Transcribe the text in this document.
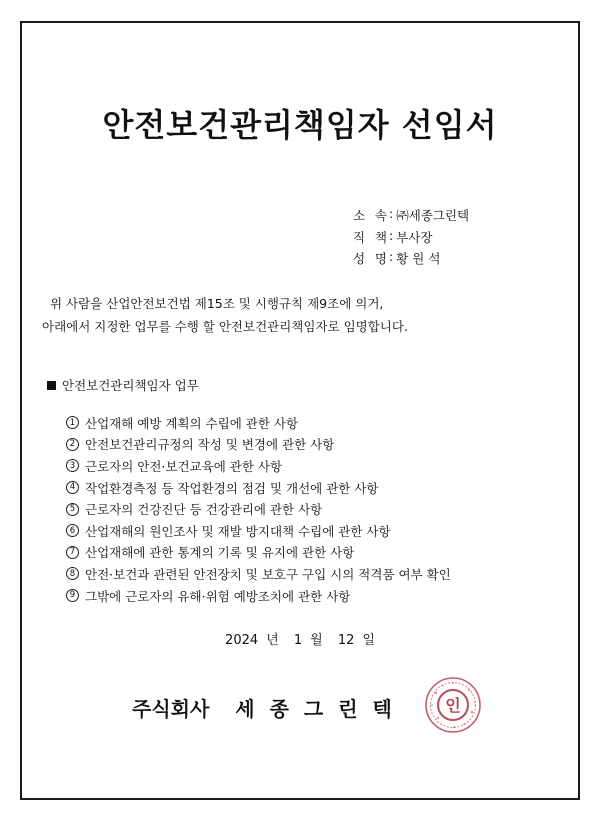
안전보건관리책임자 선임서
소 속 : ㈜세종그린텍
직 책 : 부사장
성 명 : 황원석
위 사람을 산업안전보건법 제15조 및 시행규칙 제9조에 의거,
아래에서 지정한 업무를 수행 할 안전보건관리책임자로 임명합니다.
안전보건관리책임자 업무
1 산업재해 예방 계획의 수립에 관한 사항
2 안전보건관리규정의 작성 및 변경에 관한 사항
3 근로자의 안전·보건교육에 관한 사항
4 작업환경측정 등 작업환경의 점검 및 개선에 관한 사항
5 근로자의 건강진단 등 건강관리에 관한 사항
6 산업재해의 원인조사 및 재발 방지대책 수립에 관한 사항
7 산업재해에 관한 통계의 기록 및 유지에 관한 사항
8 안전·보건과 관련된 안전장치 및 보호구 구입 시의 적격품 여부 확인
9 그밖에 근로자의 유해·위험 예방조치에 관한 사항
2024 년 1 월 12 일
주식회사 세종그린텍 인
